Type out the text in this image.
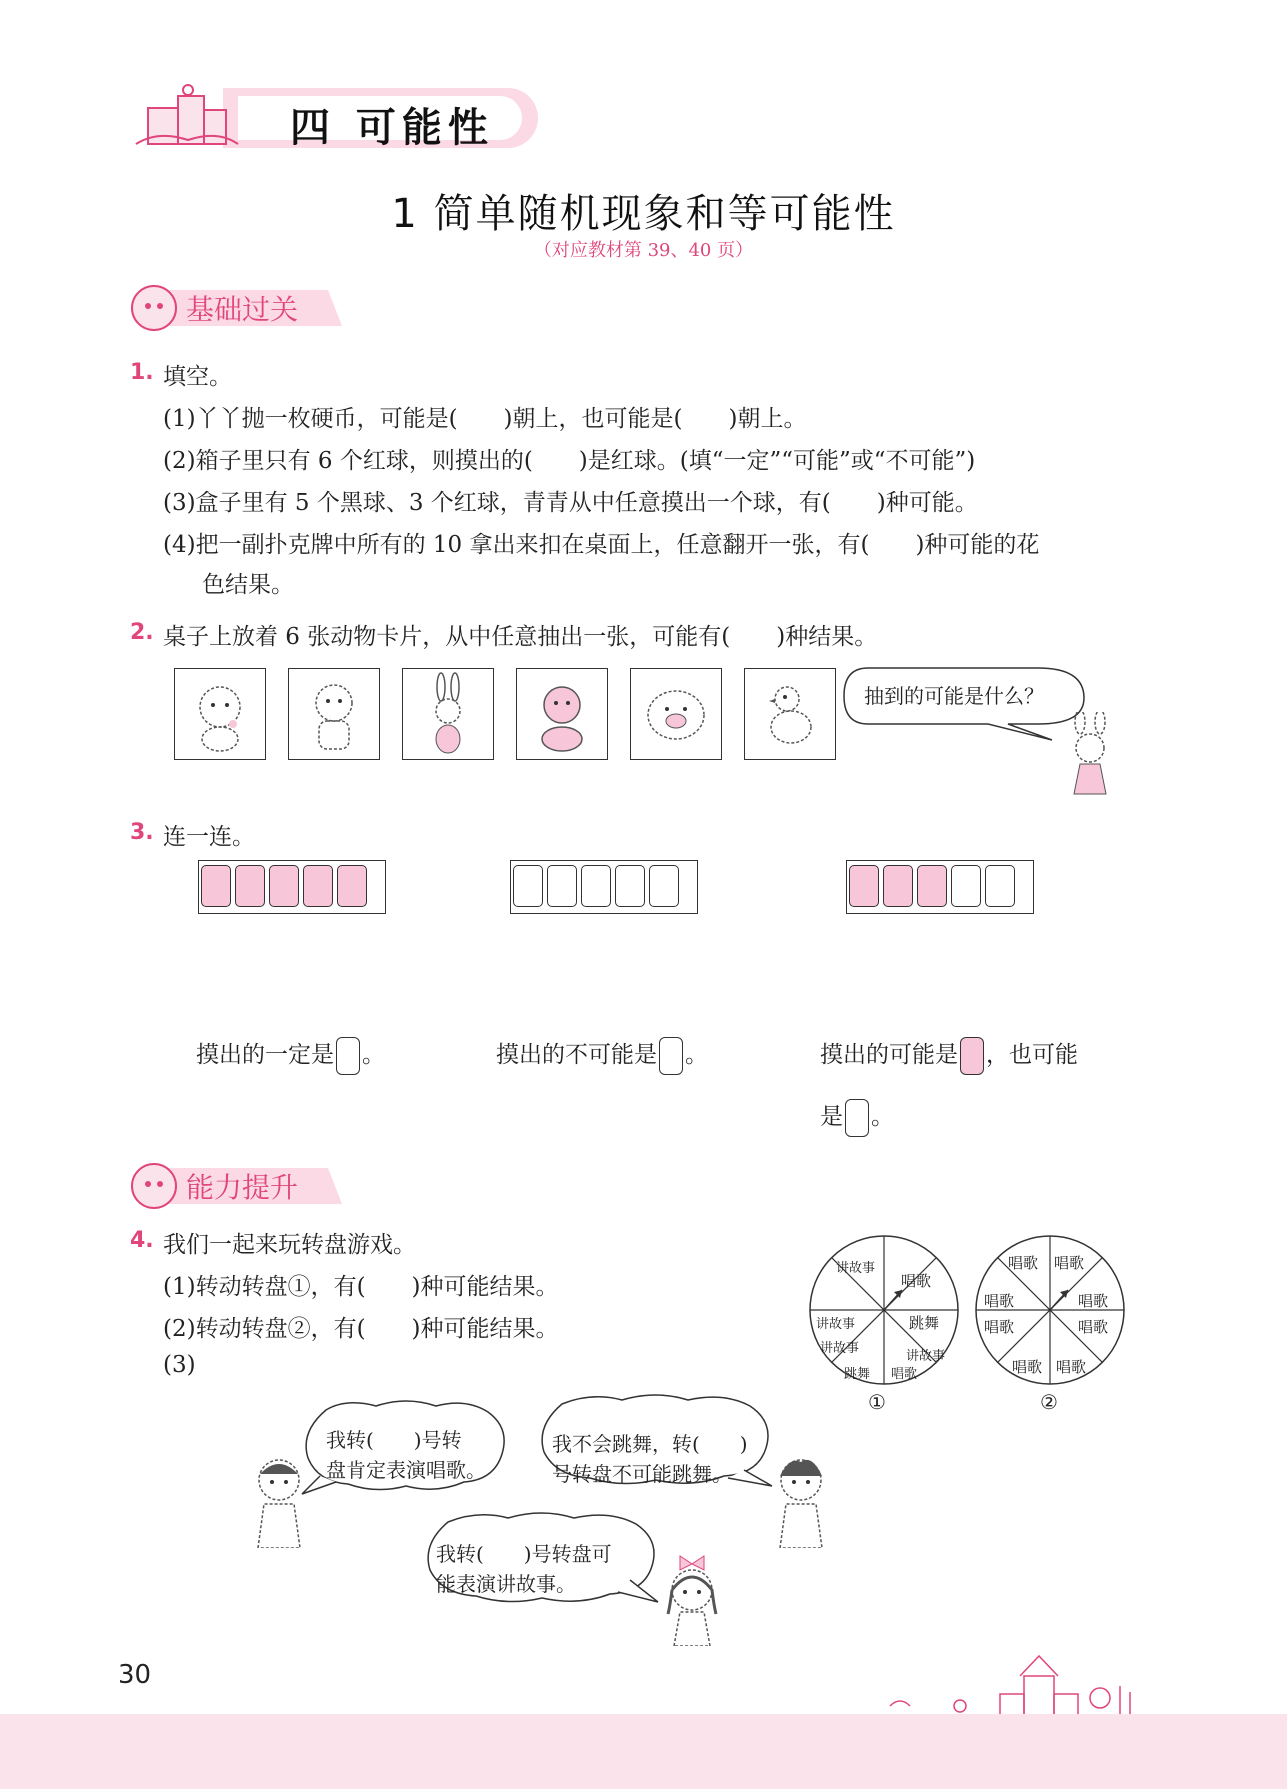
四 可能性
1 简单随机现象和等可能性
（对应教材第 39、40 页）
基础过关
1. 填空。
(1)丫丫抛一枚硬币，可能是(　　)朝上，也可能是(　　)朝上。
(2)箱子里只有 6 个红球，则摸出的(　　)是红球。(填“一定”“可能”或“不可能”)
(3)盒子里有 5 个黑球、3 个红球，青青从中任意摸出一个球，有(　　)种可能。
(4)把一副扑克牌中所有的 10 拿出来扣在桌面上，任意翻开一张，有(　　)种可能的花
色结果。
2. 桌子上放着 6 张动物卡片，从中任意抽出一张，可能有(　　)种结果。
抽到的可能是什么？
3. 连一连。
摸出的一定是 。	摸出的不可能是 。	摸出的可能是 ，也可能
是 。
能力提升
4. 我们一起来玩转盘游戏。
(1)转动转盘①，有(　　)种可能结果。
(2)转动转盘②，有(　　)种可能结果。
(3)
唱歌
跳舞
讲故事
唱歌
跳舞
讲故事
讲故事
讲故事
①
唱歌
唱歌
唱歌
唱歌
唱歌
唱歌
唱歌
唱歌
②
我转(　　)号转
盘肯定表演唱歌。
我不会跳舞，转(　　)
号转盘不可能跳舞。
我转(　　)号转盘可
能表演讲故事。
30
